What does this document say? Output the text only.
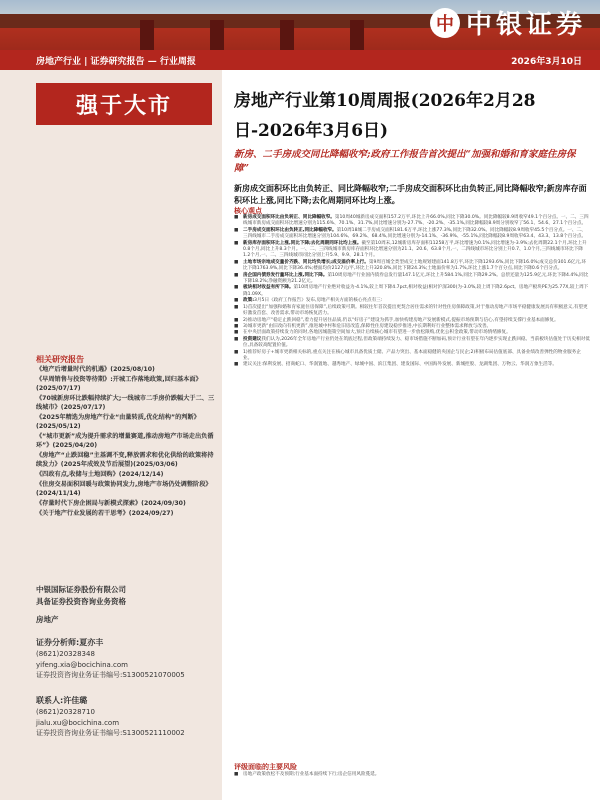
中 中银证券
房地产行业 | 证券研究报告 — 行业周报	2026年3月10日
强于大市
相关研究报告
《地产后增量时代的机遇》(2025/08/10)
《早周销售与投资等待期》:开城工作落地政策,回归基本面》(2025/07/17)
《70城新房环比跌幅持续扩大;一线城市二手房价跌幅大于二、三线城市》(2025/07/17)
《2025年精选为房地产行业“由量转质,优化结构”的判断》(2025/05/12)
《“城市更新”成为提升需求的增量赛道,推动房地产市场走出负循环”》(2025/04/20)
《房地产“止跌回稳”主基调不变,释放需求和优化供给的政策将持续发力》(2025年成效及节后展望)(2025/03/06)
《四政有点,收储与土地回购》(2024/12/14)
《住房交易面积回暖与政策协同发力,房地产市场仍处调整阶段》(2024/11/14)
《存量时代下房企困局与新模式探索》(2024/09/30)
《关于地产行业发展的若干思考》(2024/09/27)
中银国际证券股份有限公司
具备证券投资咨询业务资格
房地产
证券分析师:夏亦丰
(8621)20328348
yifeng.xia@bocichina.com
证券投资咨询业务证书编号:S1300521070005
联系人:许佳璐
(8621)20328710
jialu.xu@bocichina.com
证券投资咨询业务证书编号:S1300521110002
房地产行业第10周周报(2026年2月28日-2026年3月6日)
新房、二手房成交同比降幅收窄;政府工作报告首次提出“加强和婚和育家庭住房保障”
新房成交面积环比由负转正、同比降幅收窄;二手房成交面积环比由负转正,同比降幅收窄;新房库存面积环比上涨,同比下降;去化周期同环比均上涨。
核心观点
■ 新房成交面积环比由负转正、同比降幅收窄。第10周40城新房成交面积157.2万平,环比上升66.0%,同比下降30.0%。同比降幅较8.9周收窄49.1个百分点。一、二、三四线城市新房成交面积环比增速分别为115.6%、70.1%、31.7%,同比增速分别为-27.7%、-20.2%、-35.1%,同比降幅较8.9周分别收窄了56.1、54.6、27.1个百分点。
■ 二手房成交面积环比由负转正,同比降幅收窄。第10周18城二手房成交面积181.6万平,环比上涨77.3%,同比下降32.0%。同比降幅较8.9周收窄45.5个百分点。一、二、三四线城市二手房成交面积环比增速分别为104.6%、69.2%、68.4%,同比增速分别为-14.1%、-36.9%、-55.1%,同比降幅较8.9周收窄63.4、43.3、13.8个百分点。
■ 新房库存面积环比上涨,同比下降;去化周期同环比均上涨。截至第10周末,12城新房库存面积11258万平,环比增速为0.1%,同比增速为-3.9%;去化周期22.1个月,环比上升0.8个月,同比上升8.3个月。一、二、三四线城市新房库存面积环比增速分别为21.1、20.6、63.8个月,一、二四线城市环比分别上升0.7、1.0个月,三四线城市环比下降1.2个月,一、二、三四线城市同比分别上升5.9、9.9、28.1个月。
■ 土地市场宗地成交量价齐跌、同比均负增长;成交溢价率上行。第9周百城全类型成交土地规划建面141.8万平,环比下降1293.6%,同比下降16.0%;成交总价301.6亿元,环比下降1763.9%,同比下降36.4%;楼面均价2127元/平,环比上升320.8%,同比下降24.3%;土地溢价率为1.7%,环比上涨1.7个百分点,同比下降0.6个百分点。
■ 房企国内债券发行量环比上涨,同比下降。第10周房地产行业国内债券总发行量147.1亿元,环比上升584.1%,同比下降29.2%。总偿还量为125.9亿元,环比下降4.4%,同比下降18.2%;净融资额为21.2亿元。
■ 板块相对收益有所下降。第10周房地产行业绝对收益为-4.1%,较上周下降4.7pct,相对收益(相对沪深300)为-3.0%,较上周下降2.6pct。房地产板块PE为25.77X,较上周下降1.09X。
■ 政策:3月5日《政府工作报告》发布,房地产相关方面的核心亮点有三:
■ 1)首次提出“加强和婚和育家庭住房保障”,后续政策可期。相较往年首次提出更契合居住需求的针对性住房保障政策,对于推动房地产市场平稳健康发展具有积极意义,有望更好激发首套、改善需求,带动市场恢复活力。
■ 2)推动房地产“稳定止跌回稳”,着力提升居住品质,仍以“好房子”建设为抓手,加快构建房地产发展新模式,提振市场预期与信心,有望持续支撑行业基本面修复。
■ 3)城市更新“由旧改向有机更新”,推进城中村和危旧房改造,保障性住房建设稳步推进,中长期利好行业整体需求释放与改善。
■ 在中央层面政策持续发力的同时,各地因城施策空间加大,预计后续核心城市有望进一步放松限购,优化公积金政策,带动市场情绪修复。
■ 投资建议我们认为,2026年全年房地产行业仍处在筑底过程,但政策端持续发力、稳市场措施不断加码,预计行业有望在年内逐步实现止跌回稳。当前板块估值处于历史相对低位,具备较高配置价值。
■ 1)推荐好房子+城市更新相关标的,重点关注在核心城市具备优质土储、产品力突出、基本面稳健的央国企与民企;2)积极布局估值底部、具备业绩改善弹性的物业服务企业。
■ 建议关注:保利发展、招商蛇口、华润置地、越秀地产、绿城中国、滨江集团、建发国际、中国海外发展、新城控股、龙湖集团、万物云、华润万象生活等。
评级面临的主要风险
■ 房地产政策放松不及预期;行业基本面持续下行;房企信用风险蔓延。
